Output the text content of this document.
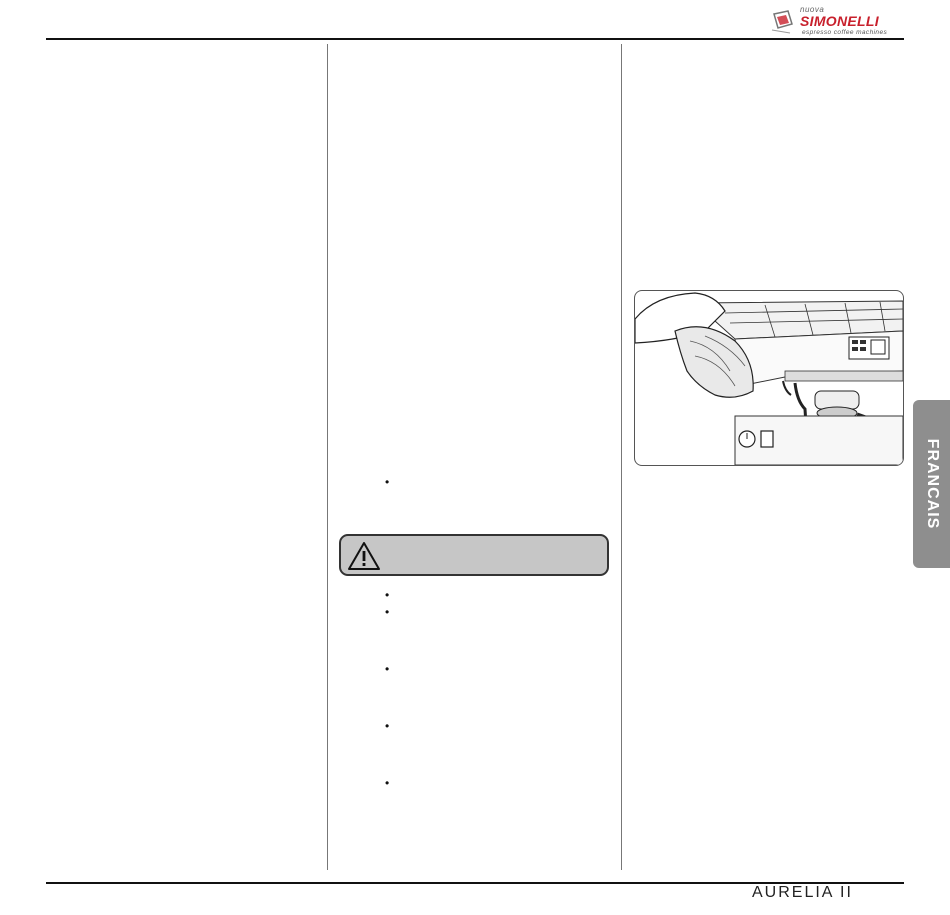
nuova
SIMONELLI
espresso coffee machines
•
•
•
•
•
•
FRANCAIS
AURELIA II
